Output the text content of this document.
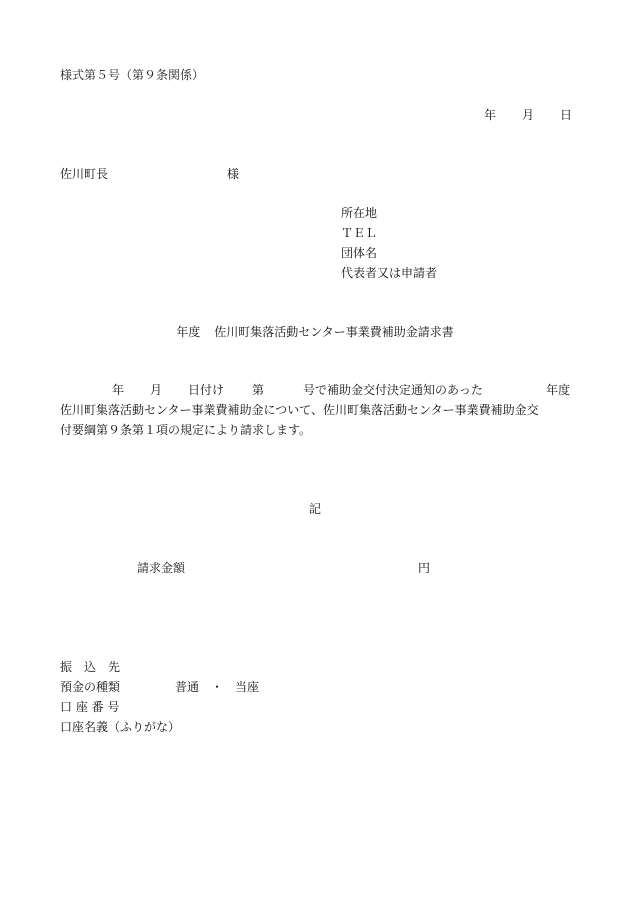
様式第５号（第９条関係）
年 月 日
佐川町長	様
所在地
ＴＥＬ
団体名
代表者又は申請者
年度 佐川町集落活動センター事業費補助金請求書
年 月 日付け 第	号で補助金交付決定通知のあった	年度
佐川町集落活動センター事業費補助金について、佐川町集落活動センター事業費補助金交
付要綱第９条第１項の規定により請求します。
記
請求金額	円
振　込　先
預金の種類	普通　・　当座
口 座 番 号
口座名義（ふりがな）
